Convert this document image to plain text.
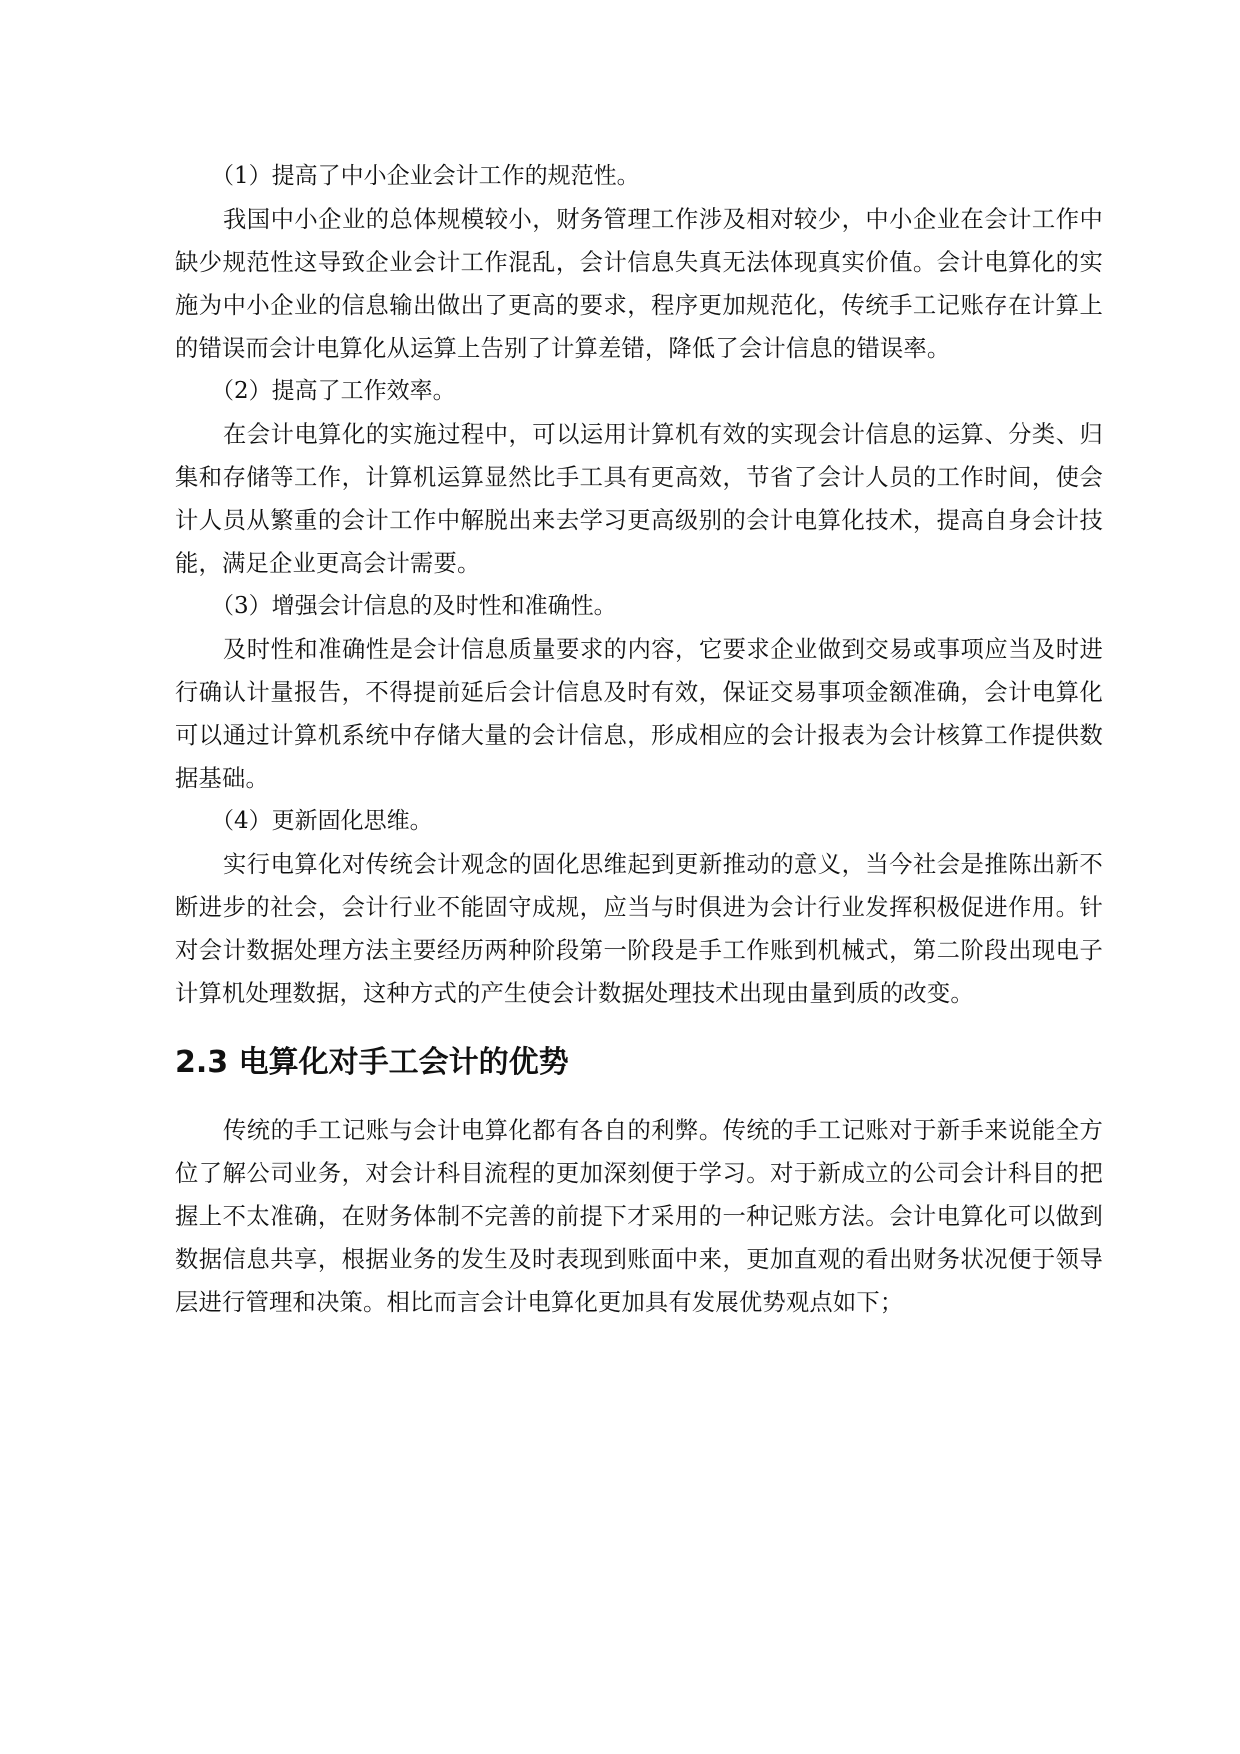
（1）提高了中小企业会计工作的规范性。

我国中小企业的总体规模较小，财务管理工作涉及相对较少，中小企业在会计工作中缺少规范性这导致企业会计工作混乱，会计信息失真无法体现真实价值。会计电算化的实施为中小企业的信息输出做出了更高的要求，程序更加规范化，传统手工记账存在计算上的错误而会计电算化从运算上告别了计算差错，降低了会计信息的错误率。

（2）提高了工作效率。

在会计电算化的实施过程中，可以运用计算机有效的实现会计信息的运算、分类、归集和存储等工作，计算机运算显然比手工具有更高效，节省了会计人员的工作时间，使会计人员从繁重的会计工作中解脱出来去学习更高级别的会计电算化技术，提高自身会计技能，满足企业更高会计需要。

（3）增强会计信息的及时性和准确性。

及时性和准确性是会计信息质量要求的内容，它要求企业做到交易或事项应当及时进行确认计量报告，不得提前延后会计信息及时有效，保证交易事项金额准确，会计电算化可以通过计算机系统中存储大量的会计信息，形成相应的会计报表为会计核算工作提供数据基础。

（4）更新固化思维。

实行电算化对传统会计观念的固化思维起到更新推动的意义，当今社会是推陈出新不断进步的社会，会计行业不能固守成规，应当与时俱进为会计行业发挥积极促进作用。针对会计数据处理方法主要经历两种阶段第一阶段是手工作账到机械式，第二阶段出现电子计算机处理数据，这种方式的产生使会计数据处理技术出现由量到质的改变。

2.3 电算化对手工会计的优势

传统的手工记账与会计电算化都有各自的利弊。传统的手工记账对于新手来说能全方位了解公司业务，对会计科目流程的更加深刻便于学习。对于新成立的公司会计科目的把握上不太准确，在财务体制不完善的前提下才采用的一种记账方法。会计电算化可以做到数据信息共享，根据业务的发生及时表现到账面中来，更加直观的看出财务状况便于领导层进行管理和决策。相比而言会计电算化更加具有发展优势观点如下；
